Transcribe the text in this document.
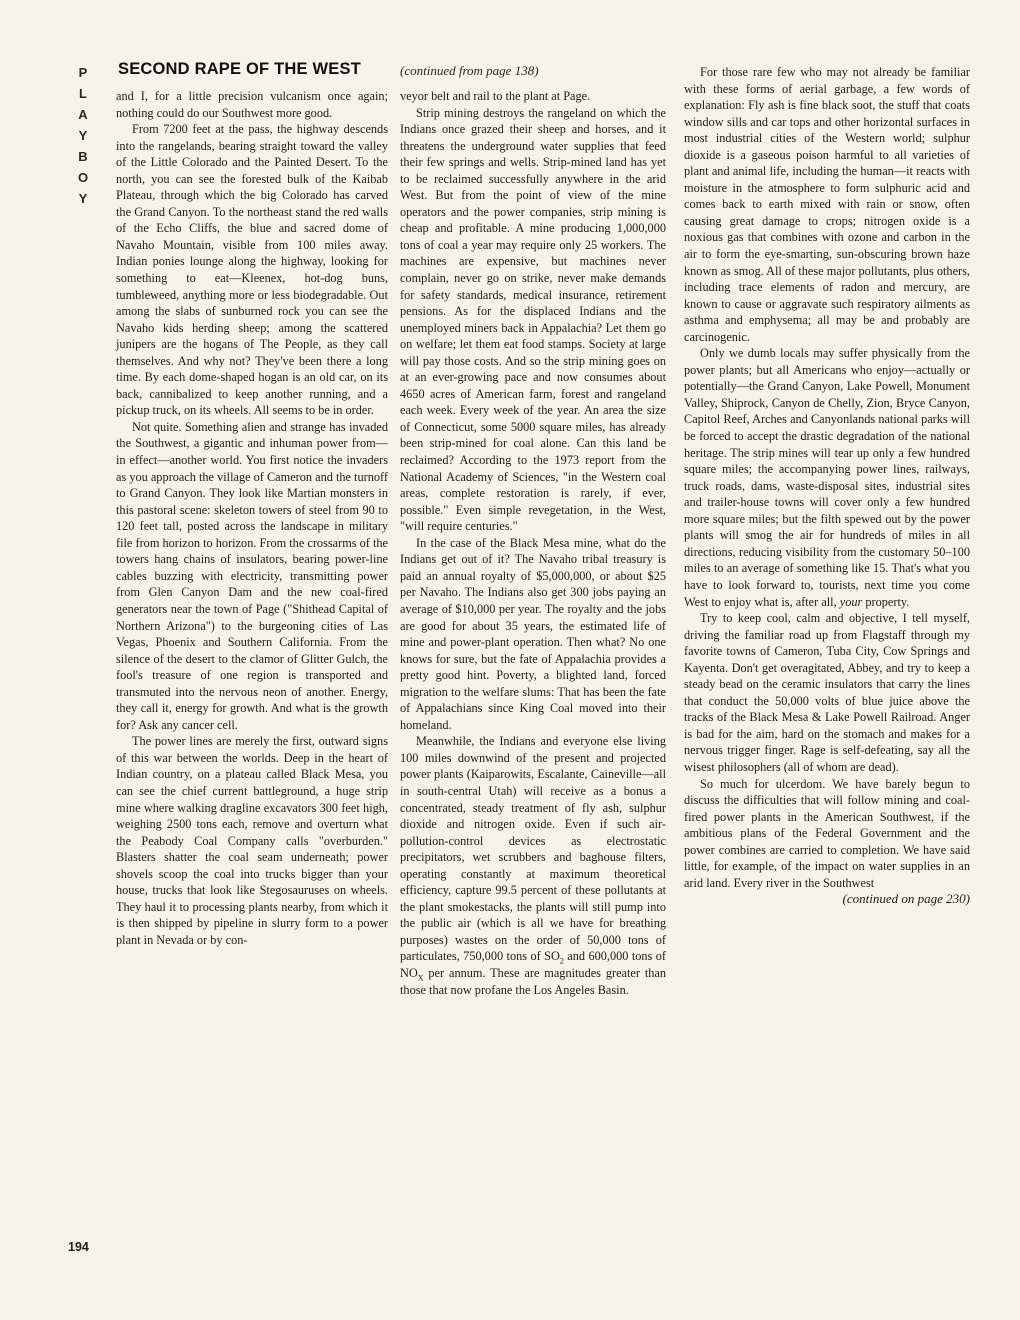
P
L
A
Y
B
O
Y
SECOND RAPE OF THE WEST	(continued from page 138)

and I, for a little precision vulcanism once again; nothing could do our Southwest more good.

From 7200 feet at the pass, the highway descends into the rangelands, bearing straight toward the valley of the Little Colorado and the Painted Desert. To the north, you can see the forested bulk of the Kaibab Plateau, through which the big Colorado has carved the Grand Canyon. To the northeast stand the red walls of the Echo Cliffs, the blue and sacred dome of Navaho Mountain, visible from 100 miles away. Indian ponies lounge along the highway, looking for something to eat—Kleenex, hot-dog buns, tumbleweed, anything more or less biodegradable. Out among the slabs of sunburned rock you can see the Navaho kids herding sheep; among the scattered junipers are the hogans of The People, as they call themselves. And why not? They've been there a long time. By each dome-shaped hogan is an old car, on its back, cannibalized to keep another running, and a pickup truck, on its wheels. All seems to be in order.

Not quite. Something alien and strange has invaded the Southwest, a gigantic and inhuman power from—in effect—another world. You first notice the invaders as you approach the village of Cameron and the turnoff to Grand Canyon. They look like Martian monsters in this pastoral scene: skeleton towers of steel from 90 to 120 feet tall, posted across the landscape in military file from horizon to horizon. From the crossarms of the towers hang chains of insulators, bearing power-line cables buzzing with electricity, transmitting power from Glen Canyon Dam and the new coal-fired generators near the town of Page ("Shithead Capital of Northern Arizona") to the burgeoning cities of Las Vegas, Phoenix and Southern California. From the silence of the desert to the clamor of Glitter Gulch, the fool's treasure of one region is transported and transmuted into the nervous neon of another. Energy, they call it, energy for growth. And what is the growth for? Ask any cancer cell.

The power lines are merely the first, outward signs of this war between the worlds. Deep in the heart of Indian country, on a plateau called Black Mesa, you can see the chief current battleground, a huge strip mine where walking dragline excavators 300 feet high, weighing 2500 tons each, remove and overturn what the Peabody Coal Company calls "overburden." Blasters shatter the coal seam underneath; power shovels scoop the coal into trucks bigger than your house, trucks that look like Stegosauruses on wheels. They haul it to processing plants nearby, from which it is then shipped by pipeline in slurry form to a power plant in Nevada or by con-

veyor belt and rail to the plant at Page.

Strip mining destroys the rangeland on which the Indians once grazed their sheep and horses, and it threatens the underground water supplies that feed their few springs and wells. Strip-mined land has yet to be reclaimed successfully anywhere in the arid West. But from the point of view of the mine operators and the power companies, strip mining is cheap and profitable. A mine producing 1,000,000 tons of coal a year may require only 25 workers. The machines are expensive, but machines never complain, never go on strike, never make demands for safety standards, medical insurance, retirement pensions. As for the displaced Indians and the unemployed miners back in Appalachia? Let them go on welfare; let them eat food stamps. Society at large will pay those costs. And so the strip mining goes on at an ever-growing pace and now consumes about 4650 acres of American farm, forest and rangeland each week. Every week of the year. An area the size of Connecticut, some 5000 square miles, has already been strip-mined for coal alone. Can this land be reclaimed? According to the 1973 report from the National Academy of Sciences, "in the Western coal areas, complete restoration is rarely, if ever, possible." Even simple revegetation, in the West, "will require centuries."

In the case of the Black Mesa mine, what do the Indians get out of it? The Navaho tribal treasury is paid an annual royalty of $5,000,000, or about $25 per Navaho. The Indians also get 300 jobs paying an average of $10,000 per year. The royalty and the jobs are good for about 35 years, the estimated life of mine and power-plant operation. Then what? No one knows for sure, but the fate of Appalachia provides a pretty good hint. Poverty, a blighted land, forced migration to the welfare slums: That has been the fate of Appalachians since King Coal moved into their homeland.

Meanwhile, the Indians and everyone else living 100 miles downwind of the present and projected power plants (Kaiparowits, Escalante, Caineville—all in south-central Utah) will receive as a bonus a concentrated, steady treatment of fly ash, sulphur dioxide and nitrogen oxide. Even if such air-pollution-control devices as electrostatic precipitators, wet scrubbers and baghouse filters, operating constantly at maximum theoretical efficiency, capture 99.5 percent of these pollutants at the plant smokestacks, the plants will still pump into the public air (which is all we have for breathing purposes) wastes on the order of 50,000 tons of particulates, 750,000 tons of $SO_2$ and 600,000 tons of $NO_X$ per annum. These are magnitudes greater than those that now profane the Los Angeles Basin.

For those rare few who may not already be familiar with these forms of aerial garbage, a few words of explanation: Fly ash is fine black soot, the stuff that coats window sills and car tops and other horizontal surfaces in most industrial cities of the Western world; sulphur dioxide is a gaseous poison harmful to all varieties of plant and animal life, including the human—it reacts with moisture in the atmosphere to form sulphuric acid and comes back to earth mixed with rain or snow, often causing great damage to crops; nitrogen oxide is a noxious gas that combines with ozone and carbon in the air to form the eye-smarting, sun-obscuring brown haze known as smog. All of these major pollutants, plus others, including trace elements of radon and mercury, are known to cause or aggravate such respiratory ailments as asthma and emphysema; all may be and probably are carcinogenic.

Only we dumb locals may suffer physically from the power plants; but all Americans who enjoy—actually or potentially—the Grand Canyon, Lake Powell, Monument Valley, Shiprock, Canyon de Chelly, Zion, Bryce Canyon, Capitol Reef, Arches and Canyonlands national parks will be forced to accept the drastic degradation of the national heritage. The strip mines will tear up only a few hundred square miles; the accompanying power lines, railways, truck roads, dams, waste-disposal sites, industrial sites and trailer-house towns will cover only a few hundred more square miles; but the filth spewed out by the power plants will smog the air for hundreds of miles in all directions, reducing visibility from the customary 50–100 miles to an average of something like 15. That's what you have to look forward to, tourists, next time you come West to enjoy what is, after all, your property.

Try to keep cool, calm and objective, I tell myself, driving the familiar road up from Flagstaff through my favorite towns of Cameron, Tuba City, Cow Springs and Kayenta. Don't get overagitated, Abbey, and try to keep a steady bead on the ceramic insulators that carry the lines that conduct the 50,000 volts of blue juice above the tracks of the Black Mesa & Lake Powell Railroad. Anger is bad for the aim, hard on the stomach and makes for a nervous trigger finger. Rage is self-defeating, say all the wisest philosophers (all of whom are dead).

So much for ulcerdom. We have barely begun to discuss the difficulties that will follow mining and coal-fired power plants in the American Southwest, if the ambitious plans of the Federal Government and the power combines are carried to completion. We have said little, for example, of the impact on water supplies in an arid land. Every river in the Southwest

(continued on page 230)
194
